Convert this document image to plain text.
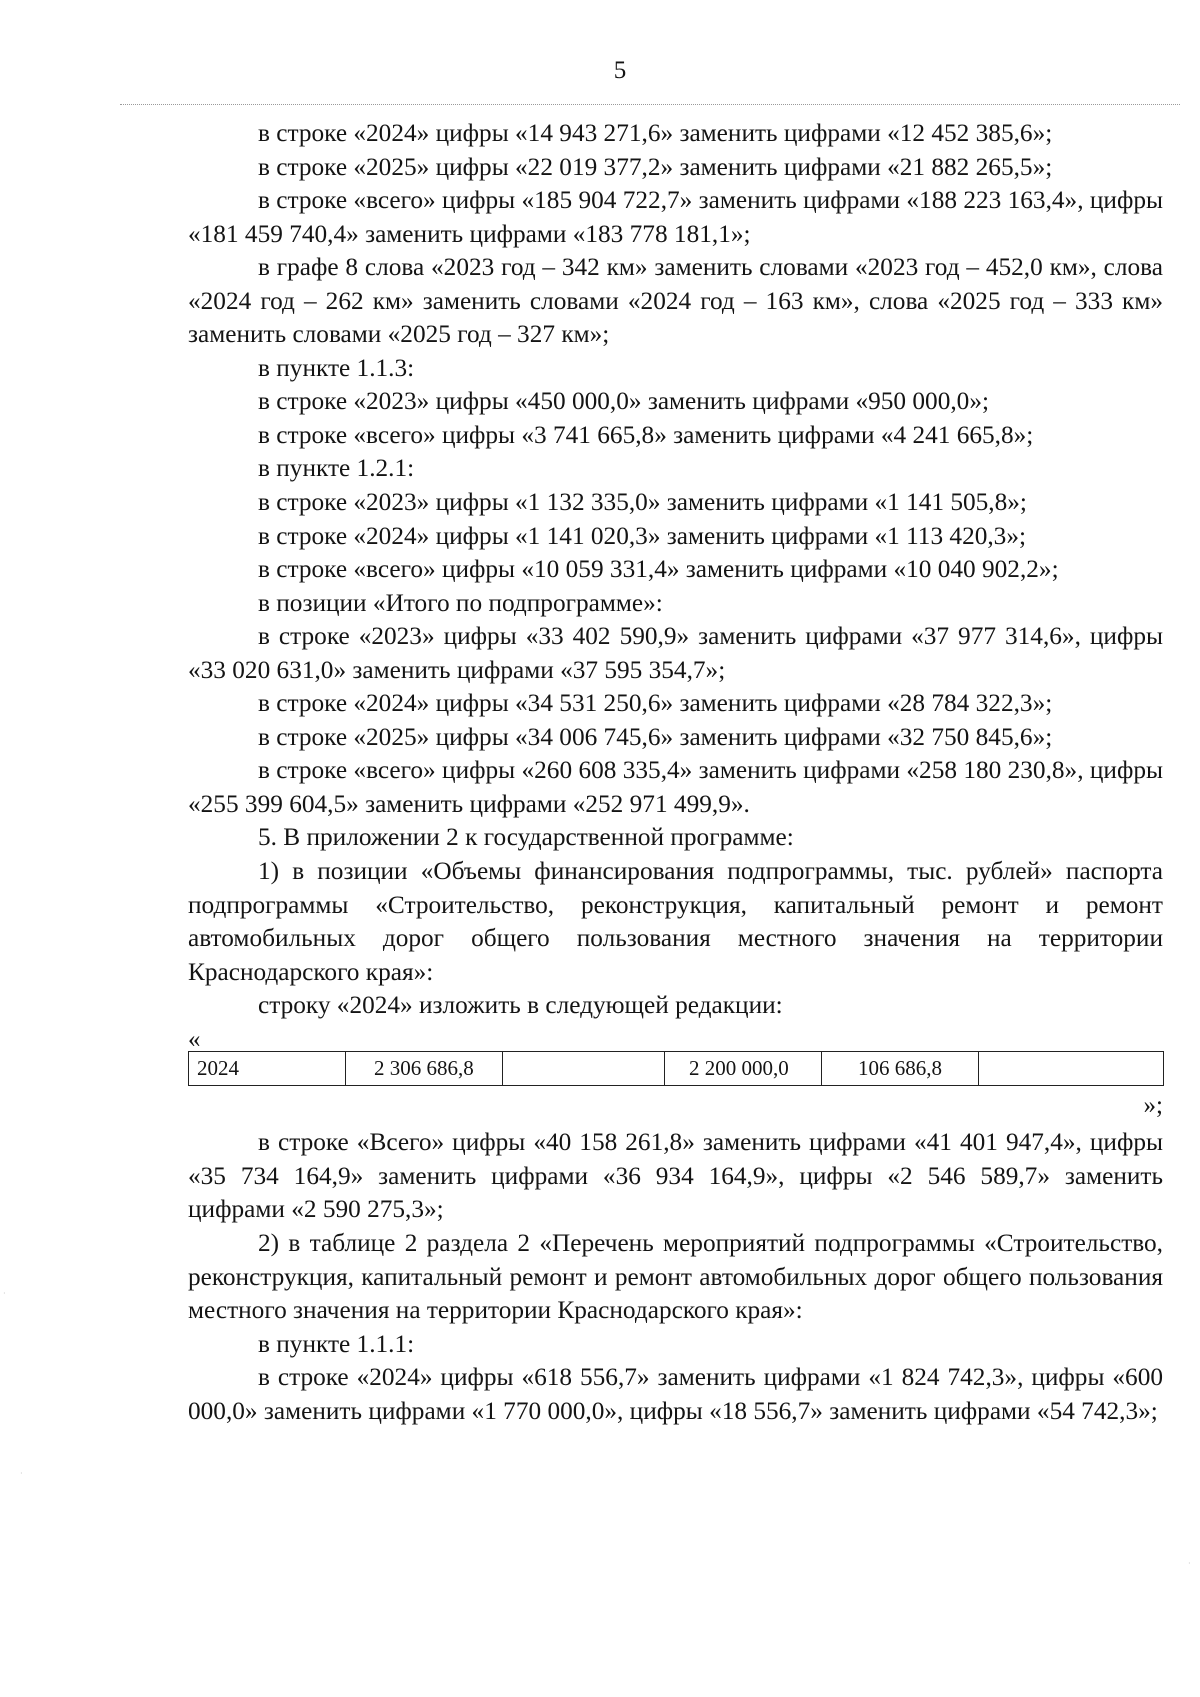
5

в строке «2024» цифры «14 943 271,6» заменить цифрами «12 452 385,6»;

в строке «2025» цифры «22 019 377,2» заменить цифрами «21 882 265,5»;

в строке «всего» цифры «185 904 722,7» заменить цифрами «188 223 163,4», цифры «181 459 740,4» заменить цифрами «183 778 181,1»;

в графе 8 слова «2023 год – 342 км» заменить словами «2023 год – 452,0 км», слова «2024 год – 262 км» заменить словами «2024 год – 163 км», слова «2025 год – 333 км» заменить словами «2025 год – 327 км»;

в пункте 1.1.3:

в строке «2023» цифры «450 000,0» заменить цифрами «950 000,0»;

в строке «всего» цифры «3 741 665,8» заменить цифрами «4 241 665,8»;

в пункте 1.2.1:

в строке «2023» цифры «1 132 335,0» заменить цифрами «1 141 505,8»;

в строке «2024» цифры «1 141 020,3» заменить цифрами «1 113 420,3»;

в строке «всего» цифры «10 059 331,4» заменить цифрами «10 040 902,2»;

в позиции «Итого по подпрограмме»:

в строке «2023» цифры «33 402 590,9» заменить цифрами «37 977 314,6», цифры «33 020 631,0» заменить цифрами «37 595 354,7»;

в строке «2024» цифры «34 531 250,6» заменить цифрами «28 784 322,3»;

в строке «2025» цифры «34 006 745,6» заменить цифрами «32 750 845,6»;

в строке «всего» цифры «260 608 335,4» заменить цифрами «258 180 230,8», цифры «255 399 604,5» заменить цифрами «252 971 499,9».

5. В приложении 2 к государственной программе:

1) в позиции «Объемы финансирования подпрограммы, тыс. рублей» паспорта подпрограммы «Строительство, реконструкция, капитальный ремонт и ремонт автомобильных дорог общего пользования местного значения на территории Краснодарского края»:

строку «2024» изложить в следующей редакции:

«

2024	2 306 686,8		2 200 000,0	106 686,8	

»;

в строке «Всего» цифры «40 158 261,8» заменить цифрами «41 401 947,4», цифры «35 734 164,9» заменить цифрами «36 934 164,9», цифры «2 546 589,7» заменить цифрами «2 590 275,3»;

2) в таблице 2 раздела 2 «Перечень мероприятий подпрограммы «Строительство, реконструкция, капитальный ремонт и ремонт автомобильных дорог общего пользования местного значения на территории Краснодарского края»:

в пункте 1.1.1:

в строке «2024» цифры «618 556,7» заменить цифрами «1 824 742,3», цифры «600 000,0» заменить цифрами «1 770 000,0», цифры «18 556,7» заменить цифрами «54 742,3»;

·
·
·
